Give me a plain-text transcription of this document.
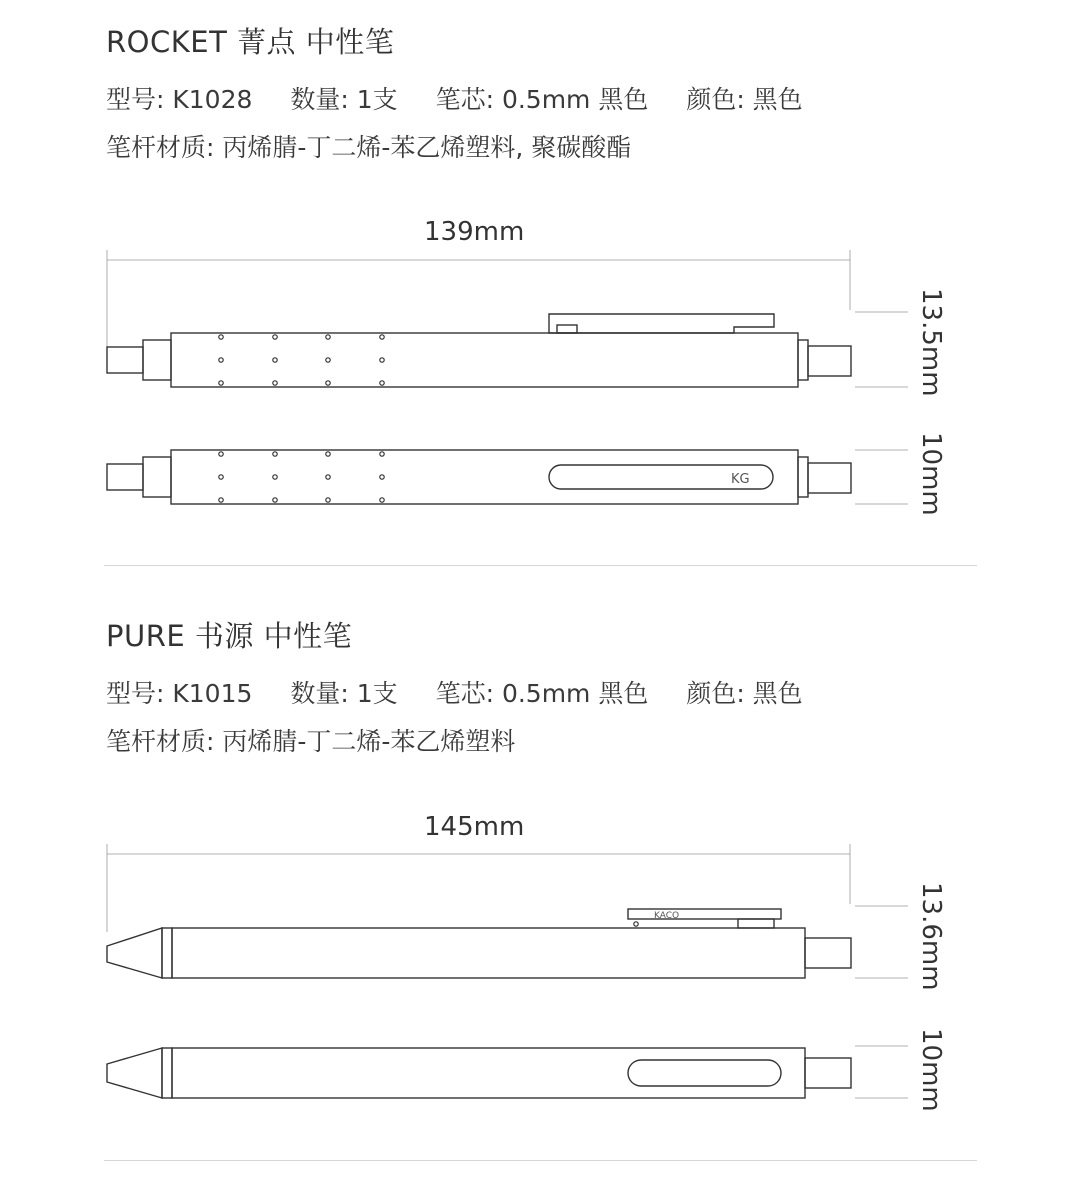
ROCKET 菁点 中性笔
型号: K1028 数量: 1支 笔芯: 0.5mm 黑色 颜色: 黑色
笔杆材质: 丙烯腈-丁二烯-苯乙烯塑料, 聚碳酸酯
139mm
KG
13.5mm
10mm
PURE 书源 中性笔
型号: K1015 数量: 1支 笔芯: 0.5mm 黑色 颜色: 黑色
笔杆材质: 丙烯腈-丁二烯-苯乙烯塑料
145mm
KACO	13.6mm
10mm
